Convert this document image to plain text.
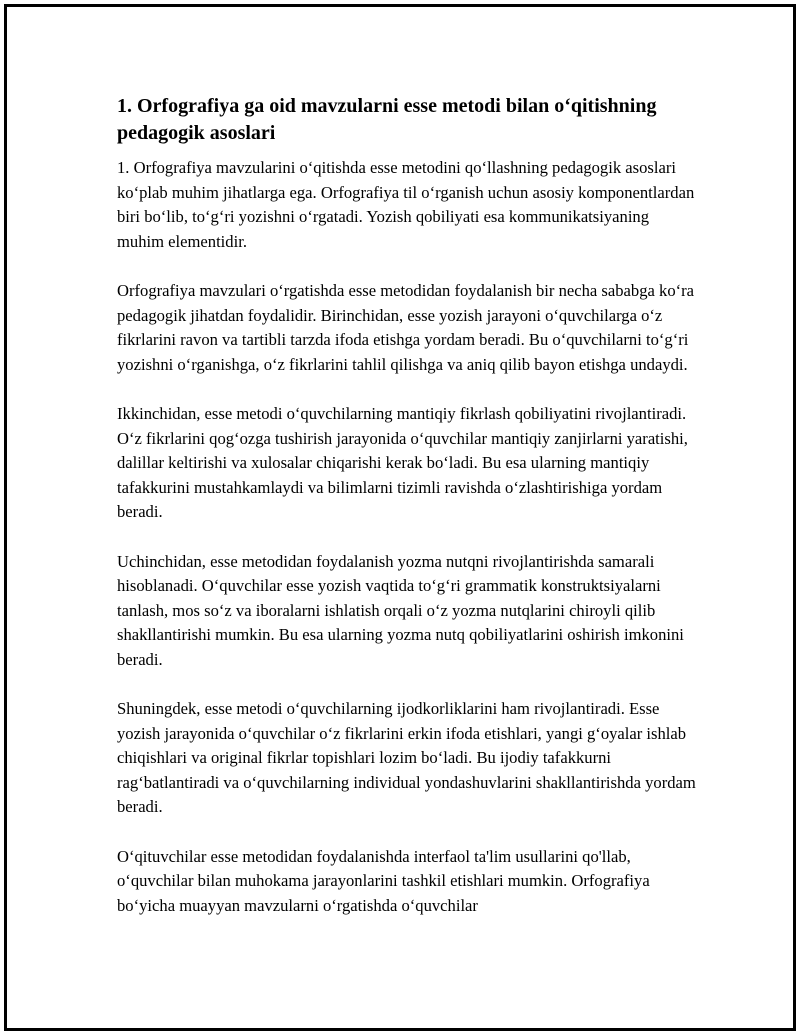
1. Orfografiya ga oid mavzularni esse metodi bilan o‘qitishning pedagogik asoslari

1. Orfografiya mavzularini o‘qitishda esse metodini qo‘llashning pedagogik asoslari ko‘plab muhim jihatlarga ega. Orfografiya til o‘rganish uchun asosiy komponentlardan biri bo‘lib, to‘g‘ri yozishni o‘rgatadi. Yozish qobiliyati esa kommunikatsiyaning muhim elementidir.

Orfografiya mavzulari o‘rgatishda esse metodidan foydalanish bir necha sababga ko‘ra pedagogik jihatdan foydalidir. Birinchidan, esse yozish jarayoni o‘quvchilarga o‘z fikrlarini ravon va tartibli tarzda ifoda etishga yordam beradi. Bu o‘quvchilarni to‘g‘ri yozishni o‘rganishga, o‘z fikrlarini tahlil qilishga va aniq qilib bayon etishga undaydi.

Ikkinchidan, esse metodi o‘quvchilarning mantiqiy fikrlash qobiliyatini rivojlantiradi. O‘z fikrlarini qog‘ozga tushirish jarayonida o‘quvchilar mantiqiy zanjirlarni yaratishi, dalillar keltirishi va xulosalar chiqarishi kerak bo‘ladi. Bu esa ularning mantiqiy tafakkurini mustahkamlaydi va bilimlarni tizimli ravishda o‘zlashtirishiga yordam beradi.

Uchinchidan, esse metodidan foydalanish yozma nutqni rivojlantirishda samarali hisoblanadi. O‘quvchilar esse yozish vaqtida to‘g‘ri grammatik konstruktsiyalarni tanlash, mos so‘z va iboralarni ishlatish orqali o‘z yozma nutqlarini chiroyli qilib shakllantirishi mumkin. Bu esa ularning yozma nutq qobiliyatlarini oshirish imkonini beradi.

Shuningdek, esse metodi o‘quvchilarning ijodkorliklarini ham rivojlantiradi. Esse yozish jarayonida o‘quvchilar o‘z fikrlarini erkin ifoda etishlari, yangi g‘oyalar ishlab chiqishlari va original fikrlar topishlari lozim bo‘ladi. Bu ijodiy tafakkurni rag‘batlantiradi va o‘quvchilarning individual yondashuvlarini shakllantirishda yordam beradi.

O‘qituvchilar esse metodidan foydalanishda interfaol ta'lim usullarini qo'llab, o‘quvchilar bilan muhokama jarayonlarini tashkil etishlari mumkin. Orfografiya bo‘yicha muayyan mavzularni o‘rgatishda o‘quvchilar
